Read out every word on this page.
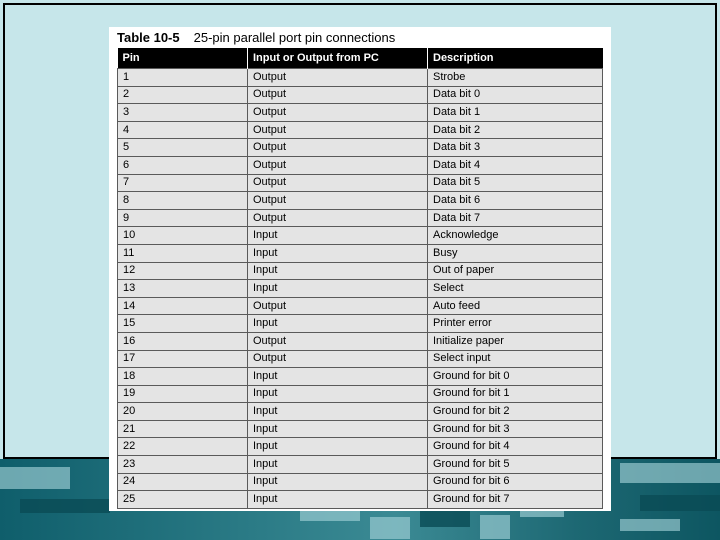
Table 10-5 25-pin parallel port pin connections
Pin	Input or Output from PC	Description
1	Output	Strobe
2	Output	Data bit 0
3	Output	Data bit 1
4	Output	Data bit 2
5	Output	Data bit 3
6	Output	Data bit 4
7	Output	Data bit 5
8	Output	Data bit 6
9	Output	Data bit 7
10	Input	Acknowledge
11	Input	Busy
12	Input	Out of paper
13	Input	Select
14	Output	Auto feed
15	Input	Printer error
16	Output	Initialize paper
17	Output	Select input
18	Input	Ground for bit 0
19	Input	Ground for bit 1
20	Input	Ground for bit 2
21	Input	Ground for bit 3
22	Input	Ground for bit 4
23	Input	Ground for bit 5
24	Input	Ground for bit 6
25	Input	Ground for bit 7
